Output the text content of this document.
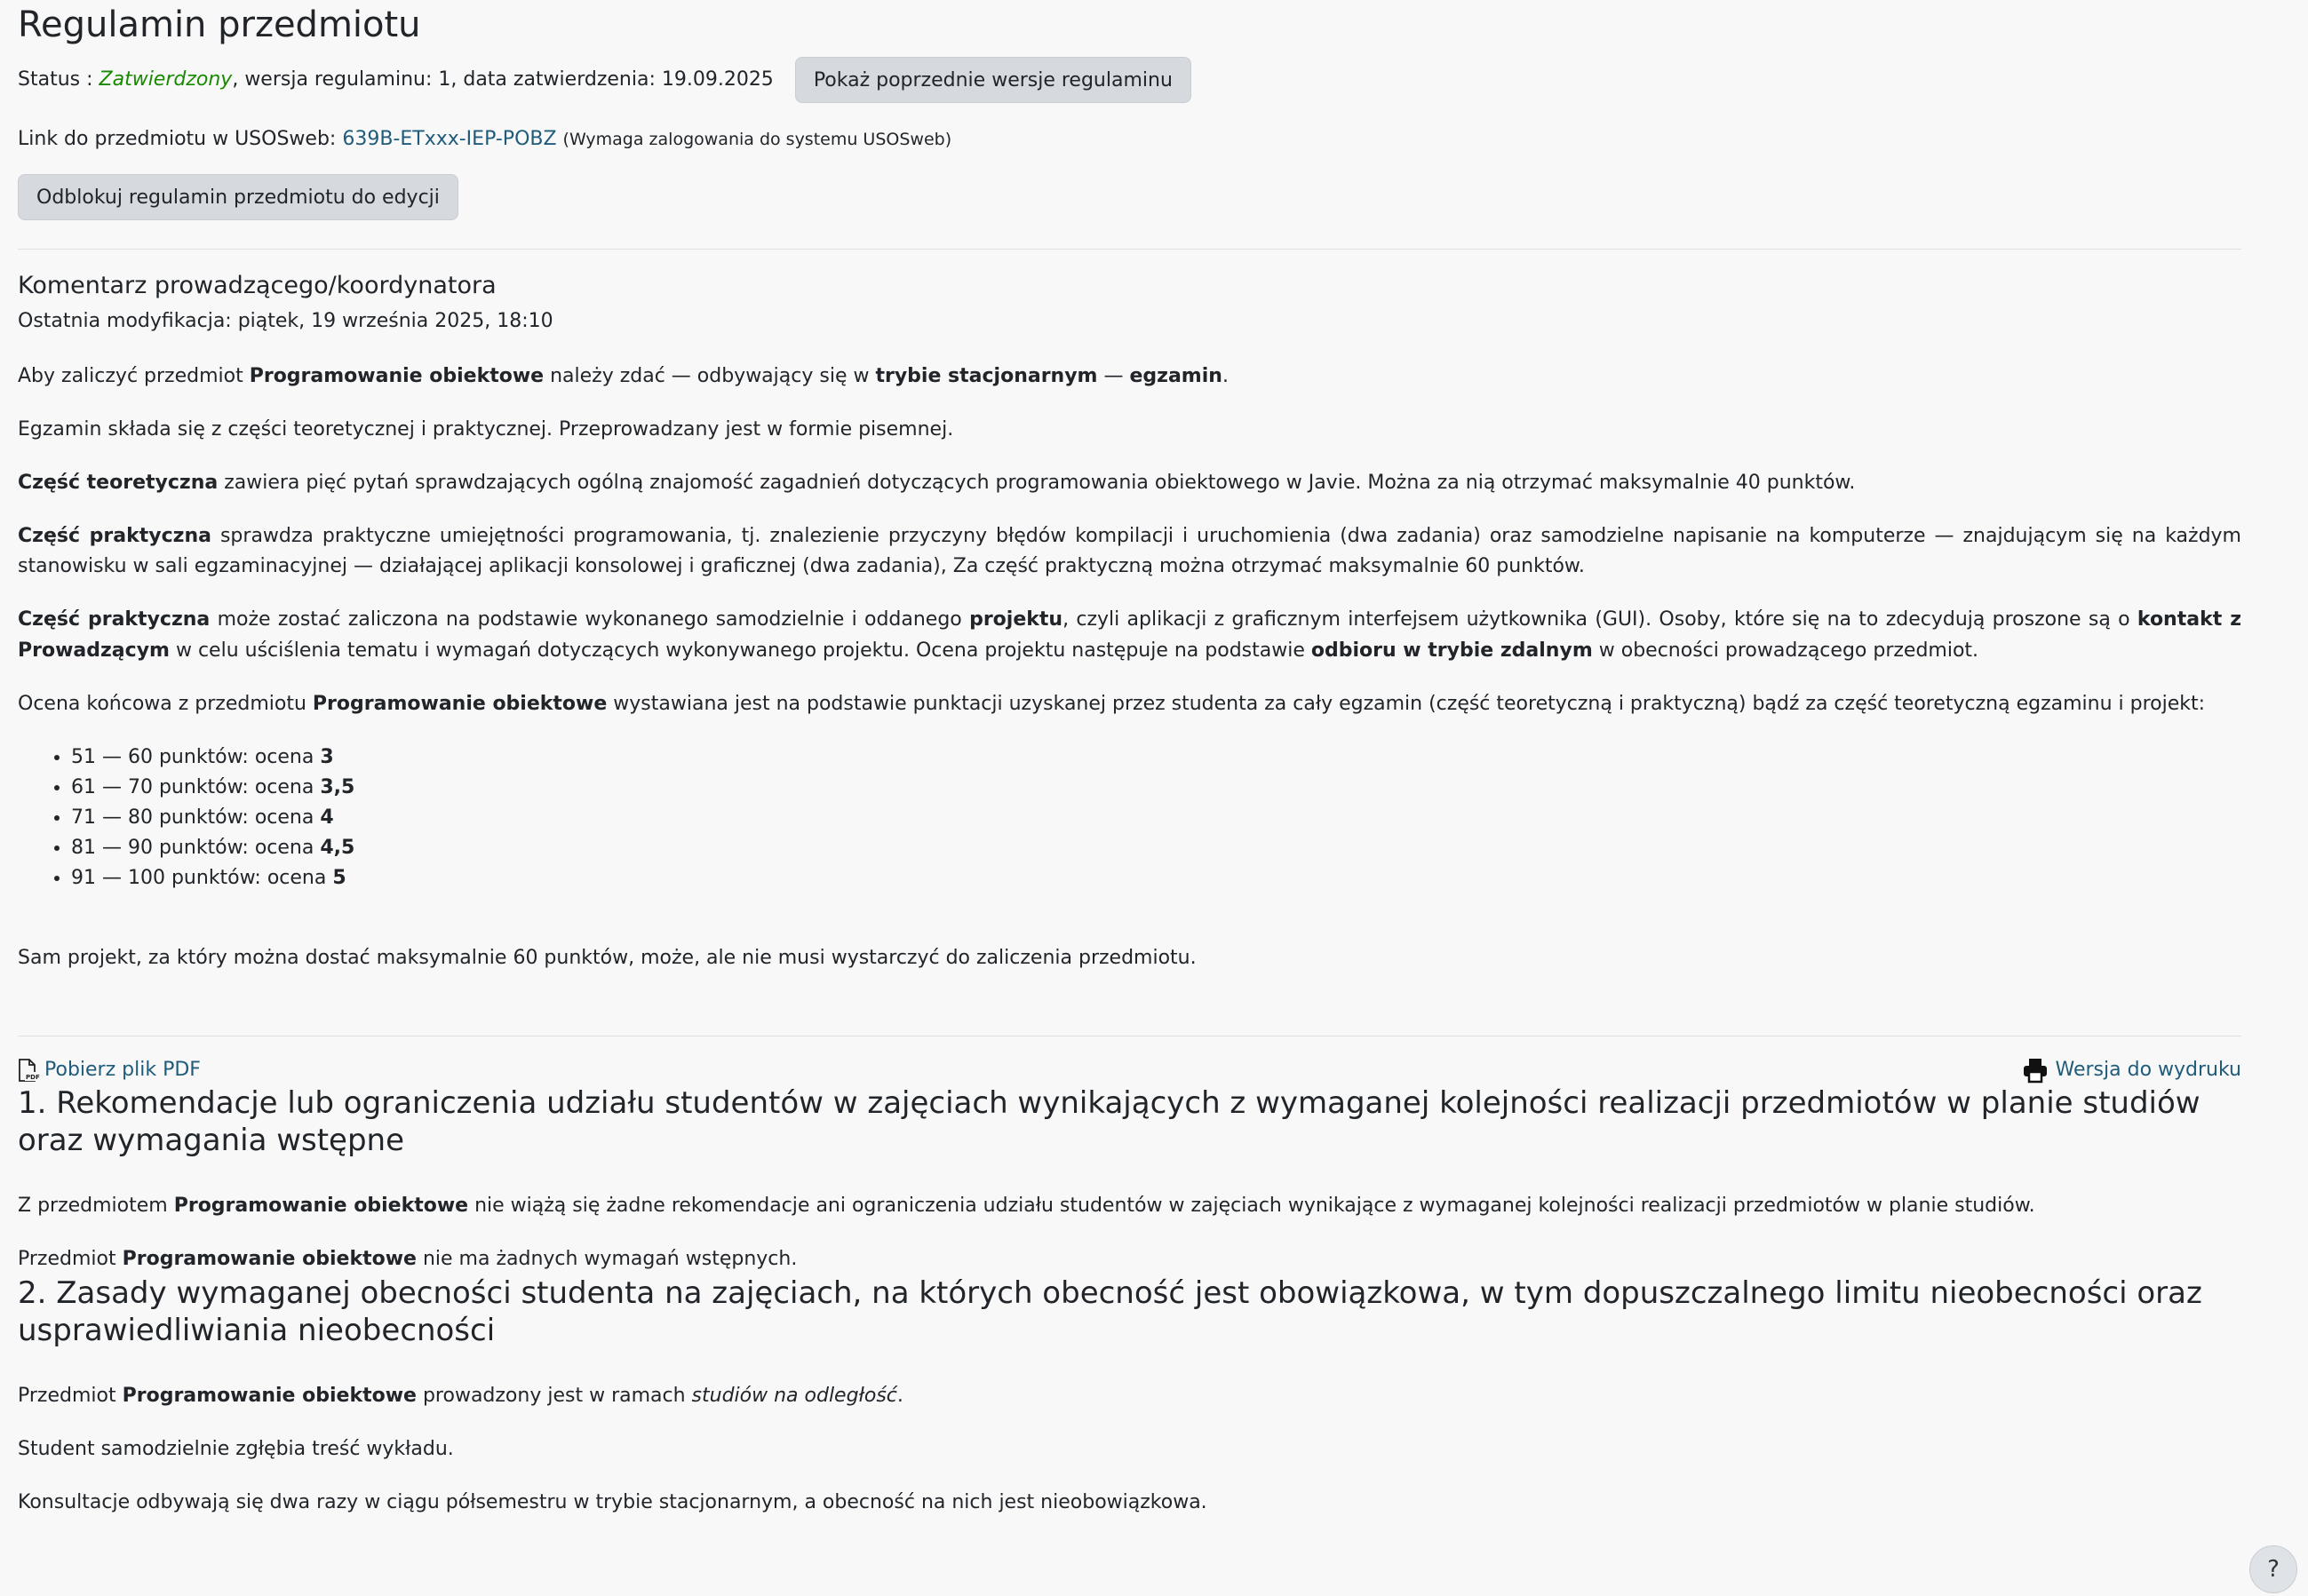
Regulamin przedmiotu
Status : Zatwierdzony, wersja regulaminu: 1, data zatwierdzenia: 19.09.2025	Pokaż poprzednie wersje regulaminu
Link do przedmiotu w USOSweb: 639B-ETxxx-IEP-POBZ (Wymaga zalogowania do systemu USOSweb)
Odblokuj regulamin przedmiotu do edycji
Komentarz prowadzącego/koordynatora
Ostatnia modyfikacja: piątek, 19 września 2025, 18:10

Aby zaliczyć przedmiot Programowanie obiektowe należy zdać — odbywający się w trybie stacjonarnym — egzamin.

Egzamin składa się z części teoretycznej i praktycznej. Przeprowadzany jest w formie pisemnej.

Część teoretyczna zawiera pięć pytań sprawdzających ogólną znajomość zagadnień dotyczących programowania obiektowego w Javie. Można za nią otrzymać maksymalnie 40 punktów.

Część praktyczna sprawdza praktyczne umiejętności programowania, tj. znalezienie przyczyny błędów kompilacji i uruchomienia (dwa zadania) oraz samodzielne napisanie na komputerze — znajdującym się na każdym stanowisku w sali egzaminacyjnej — działającej aplikacji konsolowej i graficznej (dwa zadania), Za część praktyczną można otrzymać maksymalnie 60 punktów.

Część praktyczna może zostać zaliczona na podstawie wykonanego samodzielnie i oddanego projektu, czyli aplikacji z graficznym interfejsem użytkownika (GUI). Osoby, które się na to zdecydują proszone są o kontakt z Prowadzącym w celu uściślenia tematu i wymagań dotyczących wykonywanego projektu. Ocena projektu następuje na podstawie odbioru w trybie zdalnym w obecności prowadzącego przedmiot.

Ocena końcowa z przedmiotu Programowanie obiektowe wystawiana jest na podstawie punktacji uzyskanej przez studenta za cały egzamin (część teoretyczną i praktyczną) bądź za część teoretyczną egzaminu i projekt:

• 51 — 60 punktów: ocena 3
• 61 — 70 punktów: ocena 3,5
• 71 — 80 punktów: ocena 4
• 81 — 90 punktów: ocena 4,5
• 91 — 100 punktów: ocena 5

Sam projekt, za który można dostać maksymalnie 60 punktów, może, ale nie musi wystarczyć do zaliczenia przedmiotu.

PDF Pobierz plik PDF	Wersja do wydruku
1. Rekomendacje lub ograniczenia udziału studentów w zajęciach wynikających z wymaganej kolejności realizacji przedmiotów w planie studiów oraz wymagania wstępne

Z przedmiotem Programowanie obiektowe nie wiążą się żadne rekomendacje ani ograniczenia udziału studentów w zajęciach wynikające z wymaganej kolejności realizacji przedmiotów w planie studiów.

Przedmiot Programowanie obiektowe nie ma żadnych wymagań wstępnych.

2. Zasady wymaganej obecności studenta na zajęciach, na których obecność jest obowiązkowa, w tym dopuszczalnego limitu nieobecności oraz usprawiedliwiania nieobecności

Przedmiot Programowanie obiektowe prowadzony jest w ramach studiów na odległość.

Student samodzielnie zgłębia treść wykładu.

Konsultacje odbywają się dwa razy w ciągu półsemestru w trybie stacjonarnym, a obecność na nich jest nieobowiązkowa.

?
